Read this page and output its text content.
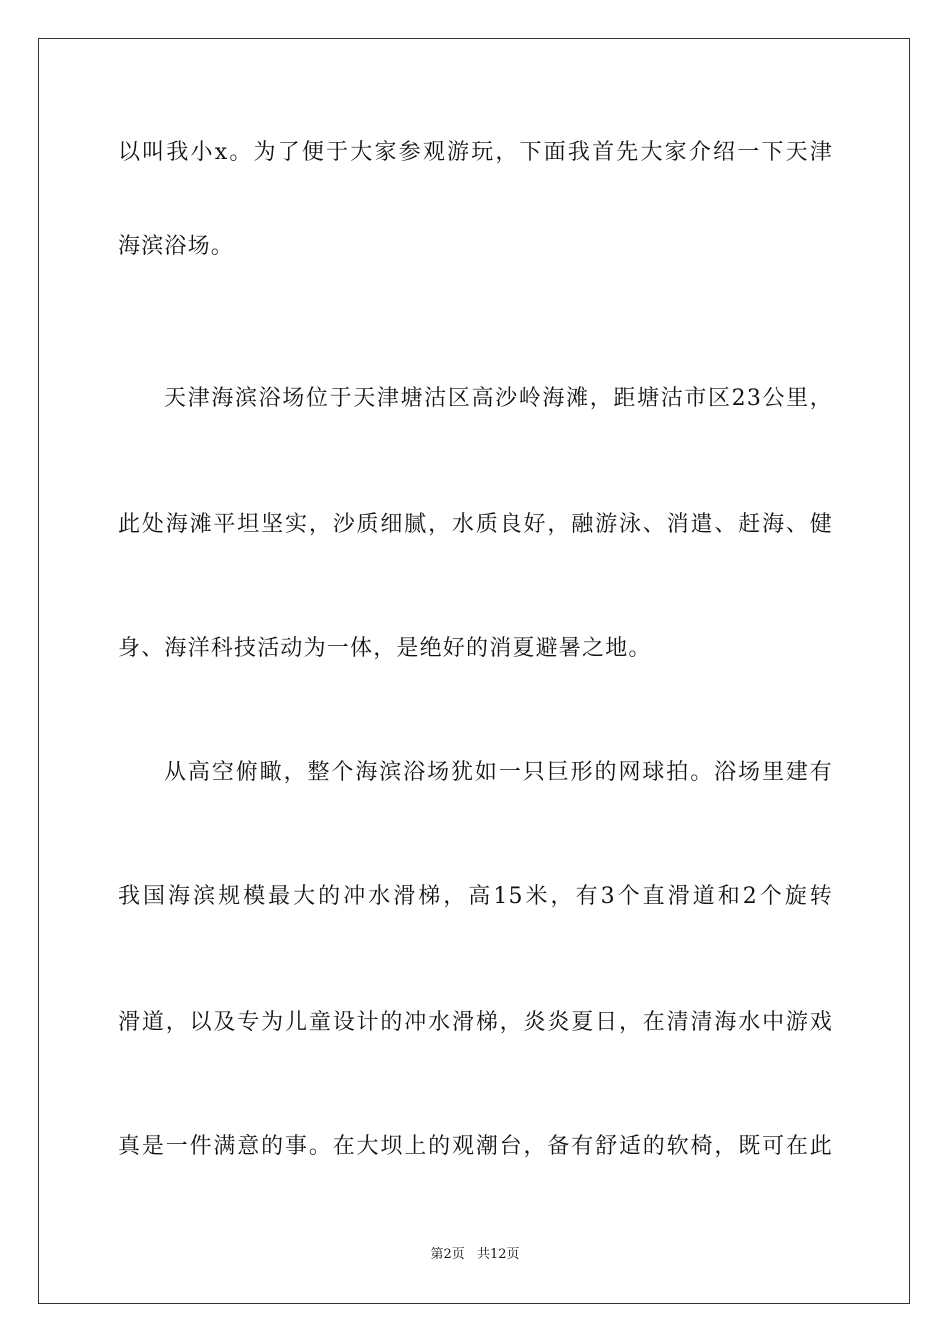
以叫我小x。为了便于大家参观游玩，下面我首先大家介绍一下天津
海滨浴场。
天津海滨浴场位于天津塘沽区高沙岭海滩，距塘沽市区23公里，
此处海滩平坦坚实，沙质细腻，水质良好，融游泳、消遣、赶海、健
身、海洋科技活动为一体，是绝好的消夏避暑之地。
从高空俯瞰，整个海滨浴场犹如一只巨形的网球拍。浴场里建有
我国海滨规模最大的冲水滑梯，高15米，有3个直滑道和2个旋转
滑道，以及专为儿童设计的冲水滑梯，炎炎夏日，在清清海水中游戏
真是一件满意的事。在大坝上的观潮台，备有舒适的软椅，既可在此
第2页 共12页
